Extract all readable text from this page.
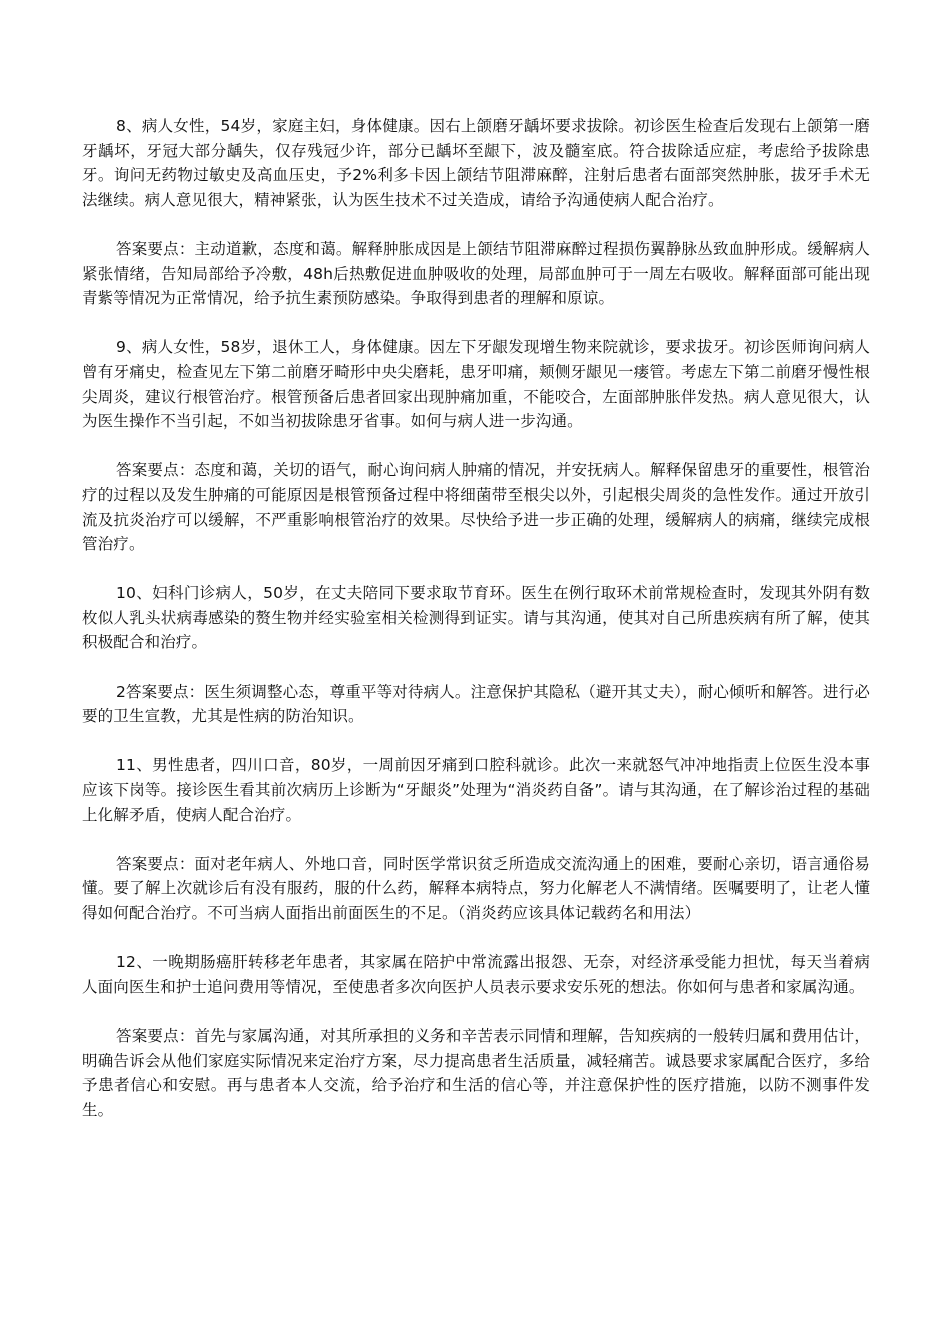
8、病人女性，54岁，家庭主妇，身体健康。因右上颌磨牙龋坏要求拔除。初诊医生检查后发现右上颌第一磨牙龋坏，牙冠大部分龋失，仅存残冠少许，部分已龋坏至龈下，波及髓室底。符合拔除适应症，考虑给予拔除患牙。询问无药物过敏史及高血压史，予2%利多卡因上颌结节阻滞麻醉，注射后患者右面部突然肿胀，拔牙手术无法继续。病人意见很大，精神紧张，认为医生技术不过关造成，请给予沟通使病人配合治疗。

答案要点：主动道歉，态度和蔼。解释肿胀成因是上颌结节阻滞麻醉过程损伤翼静脉丛致血肿形成。缓解病人紧张情绪，告知局部给予冷敷，48h后热敷促进血肿吸收的处理，局部血肿可于一周左右吸收。解释面部可能出现青紫等情况为正常情况，给予抗生素预防感染。争取得到患者的理解和原谅。

9、病人女性，58岁，退休工人，身体健康。因左下牙龈发现增生物来院就诊，要求拔牙。初诊医师询问病人曾有牙痛史，检查见左下第二前磨牙畸形中央尖磨耗，患牙叩痛，颊侧牙龈见一瘘管。考虑左下第二前磨牙慢性根尖周炎，建议行根管治疗。根管预备后患者回家出现肿痛加重，不能咬合，左面部肿胀伴发热。病人意见很大，认为医生操作不当引起，不如当初拔除患牙省事。如何与病人进一步沟通。

答案要点：态度和蔼，关切的语气，耐心询问病人肿痛的情况，并安抚病人。解释保留患牙的重要性，根管治疗的过程以及发生肿痛的可能原因是根管预备过程中将细菌带至根尖以外，引起根尖周炎的急性发作。通过开放引流及抗炎治疗可以缓解，不严重影响根管治疗的效果。尽快给予进一步正确的处理，缓解病人的病痛，继续完成根管治疗。

10、妇科门诊病人，50岁，在丈夫陪同下要求取节育环。医生在例行取环术前常规检查时，发现其外阴有数枚似人乳头状病毒感染的赘生物并经实验室相关检测得到证实。请与其沟通，使其对自己所患疾病有所了解，使其积极配合和治疗。

2答案要点：医生须调整心态，尊重平等对待病人。注意保护其隐私（避开其丈夫），耐心倾听和解答。进行必要的卫生宣教，尤其是性病的防治知识。

11、男性患者，四川口音，80岁，一周前因牙痛到口腔科就诊。此次一来就怒气冲冲地指责上位医生没本事应该下岗等。接诊医生看其前次病历上诊断为“牙龈炎”处理为“消炎药自备”。请与其沟通，在了解诊治过程的基础上化解矛盾，使病人配合治疗。

答案要点：面对老年病人、外地口音，同时医学常识贫乏所造成交流沟通上的困难，要耐心亲切，语言通俗易懂。要了解上次就诊后有没有服药，服的什么药，解释本病特点，努力化解老人不满情绪。医嘱要明了，让老人懂得如何配合治疗。不可当病人面指出前面医生的不足。（消炎药应该具体记载药名和用法）

12、一晚期肠癌肝转移老年患者，其家属在陪护中常流露出报怨、无奈，对经济承受能力担忧，每天当着病人面向医生和护士追问费用等情况，至使患者多次向医护人员表示要求安乐死的想法。你如何与患者和家属沟通。

答案要点：首先与家属沟通，对其所承担的义务和辛苦表示同情和理解，告知疾病的一般转归属和费用估计，明确告诉会从他们家庭实际情况来定治疗方案，尽力提高患者生活质量，减轻痛苦。诚恳要求家属配合医疗，多给予患者信心和安慰。再与患者本人交流，给予治疗和生活的信心等，并注意保护性的医疗措施，以防不测事件发生。
